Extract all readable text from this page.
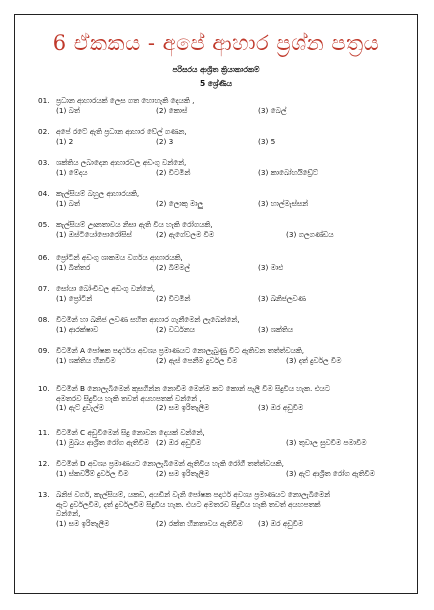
6 ඒකකය - අපේ ආහාර ප්‍රශ්න පත්‍රය
පරිසරය ආශ්‍රිත ක්‍රියාකාරකම්
5 ශ්‍රේණිය
01. ප්‍රධාන ආහාරයක් ලෙස ගත හොහැකි දෙයකි ,
(1) බත්	(2) කොස්	(3) බෙල්
02. අපේ රටේ ඇති ප්‍රධාන ආහාර වේල් ගණන,
(1) 2	(2) 3	(3) 5
03. ශක්තිය ලබාදෙන ආහාරවල අඩංගු වන්නේ,
(1) මේදය	(2) විටමින්	(3) කාබෝහයිඩ්‍රේට්
04. කැල්සියම් බහුල ආහාරයකි,
(1) බත්	(2) ලොකු මාලු	(3) හාල්මැස්සන්
05. කැල්සියම් ඌනතාවය නිසා ඇති විය හැකි රෝගයකි,
(1) ඔස්ටියෝපොරෝසිස්	(2) ඇගේවලම විම	(3) ගලගණ්ඩය
06. ප්‍රෝටීන් අඩංගු ශාකමය වර්ගය ආහාරයකි,
(1) බිත්තර	(2) බිම්මල්	(3) මාළු
07. සෝයා බෝංචිවල අඩංගු වන්නේ,
(1) ප්‍රෝටීන්	(2) විටමින්	(3) ඛනිජලවණ
08. විටමින් හා ඛනිජ ලවණ සහිත ආහාර ගැනීමෙන් ලැබෙන්නේ,
(1) ආරක්ෂාව	(2) වර්ධනය	(3) ශක්තිය
09. විටමින් A පෝෂක පදාර්ථය අවශ්‍ය ප්‍රමාණයට නොලැබුණු විට ඇතිවන තත්ත්වයකි,
(1) ශක්තිය හීනවීම	(2) ඇස් පෙනීම දුර්වල වීම	(3) දත් දුර්වල වීම
10. විටමින් B නොලැබීමෙන් කුසගින්න නොවීම මෙන්ම කට කොන් පැලී වීම සිදුවිය හැක. එයට
අමතරව සිදුවිය හැකි තවත් අයහපතක් වන්නේ ,
(1) ඇට් දුවැල්ම	(2) සම ඉරිතැලීම	(3) ඔර අඩුවීම
11. විටමින් C අඩුවීමෙන් සිදු නොවන දෙයක් වන්නේ,
(1) මුඛය ආශ්‍රිත රෝග ඇතිවීම (2) ඔර අඩුවීම	(3) තුවාල සුවවීම පමාවීම
12. විටමින් D අවශ්‍ය ප්‍රමාණයට නොලැබීමෙන් ඇතිවිය හැකි රෝගී තත්ත්වයකි,
(1) ස්කර්වීම් දුර්වල වීම	(2) සම ඉරිතැලීම	(3) ඇට් ආශ්‍රිත රෝග ඇතිවීම
13. ඛනිජ වර්ග, කැල්සියම්, යකඩ, අයඩින් වැනි පෝෂක පදාර්ථ අවශ්‍ය ප්‍රමාණයට නොලැබීමෙන්
ඇට දුර්වලවීම, දත් දුර්වලවීම සිදුවිය හැක. එයට අමතරව සිදුවිය හැකි තවත් අයහපතක්
වන්නේ,
(1) සම ඉරිතැලීම	(2) රක්ත හීනතාවය ඇතිවීම (3) ඔර අඩුවීම
